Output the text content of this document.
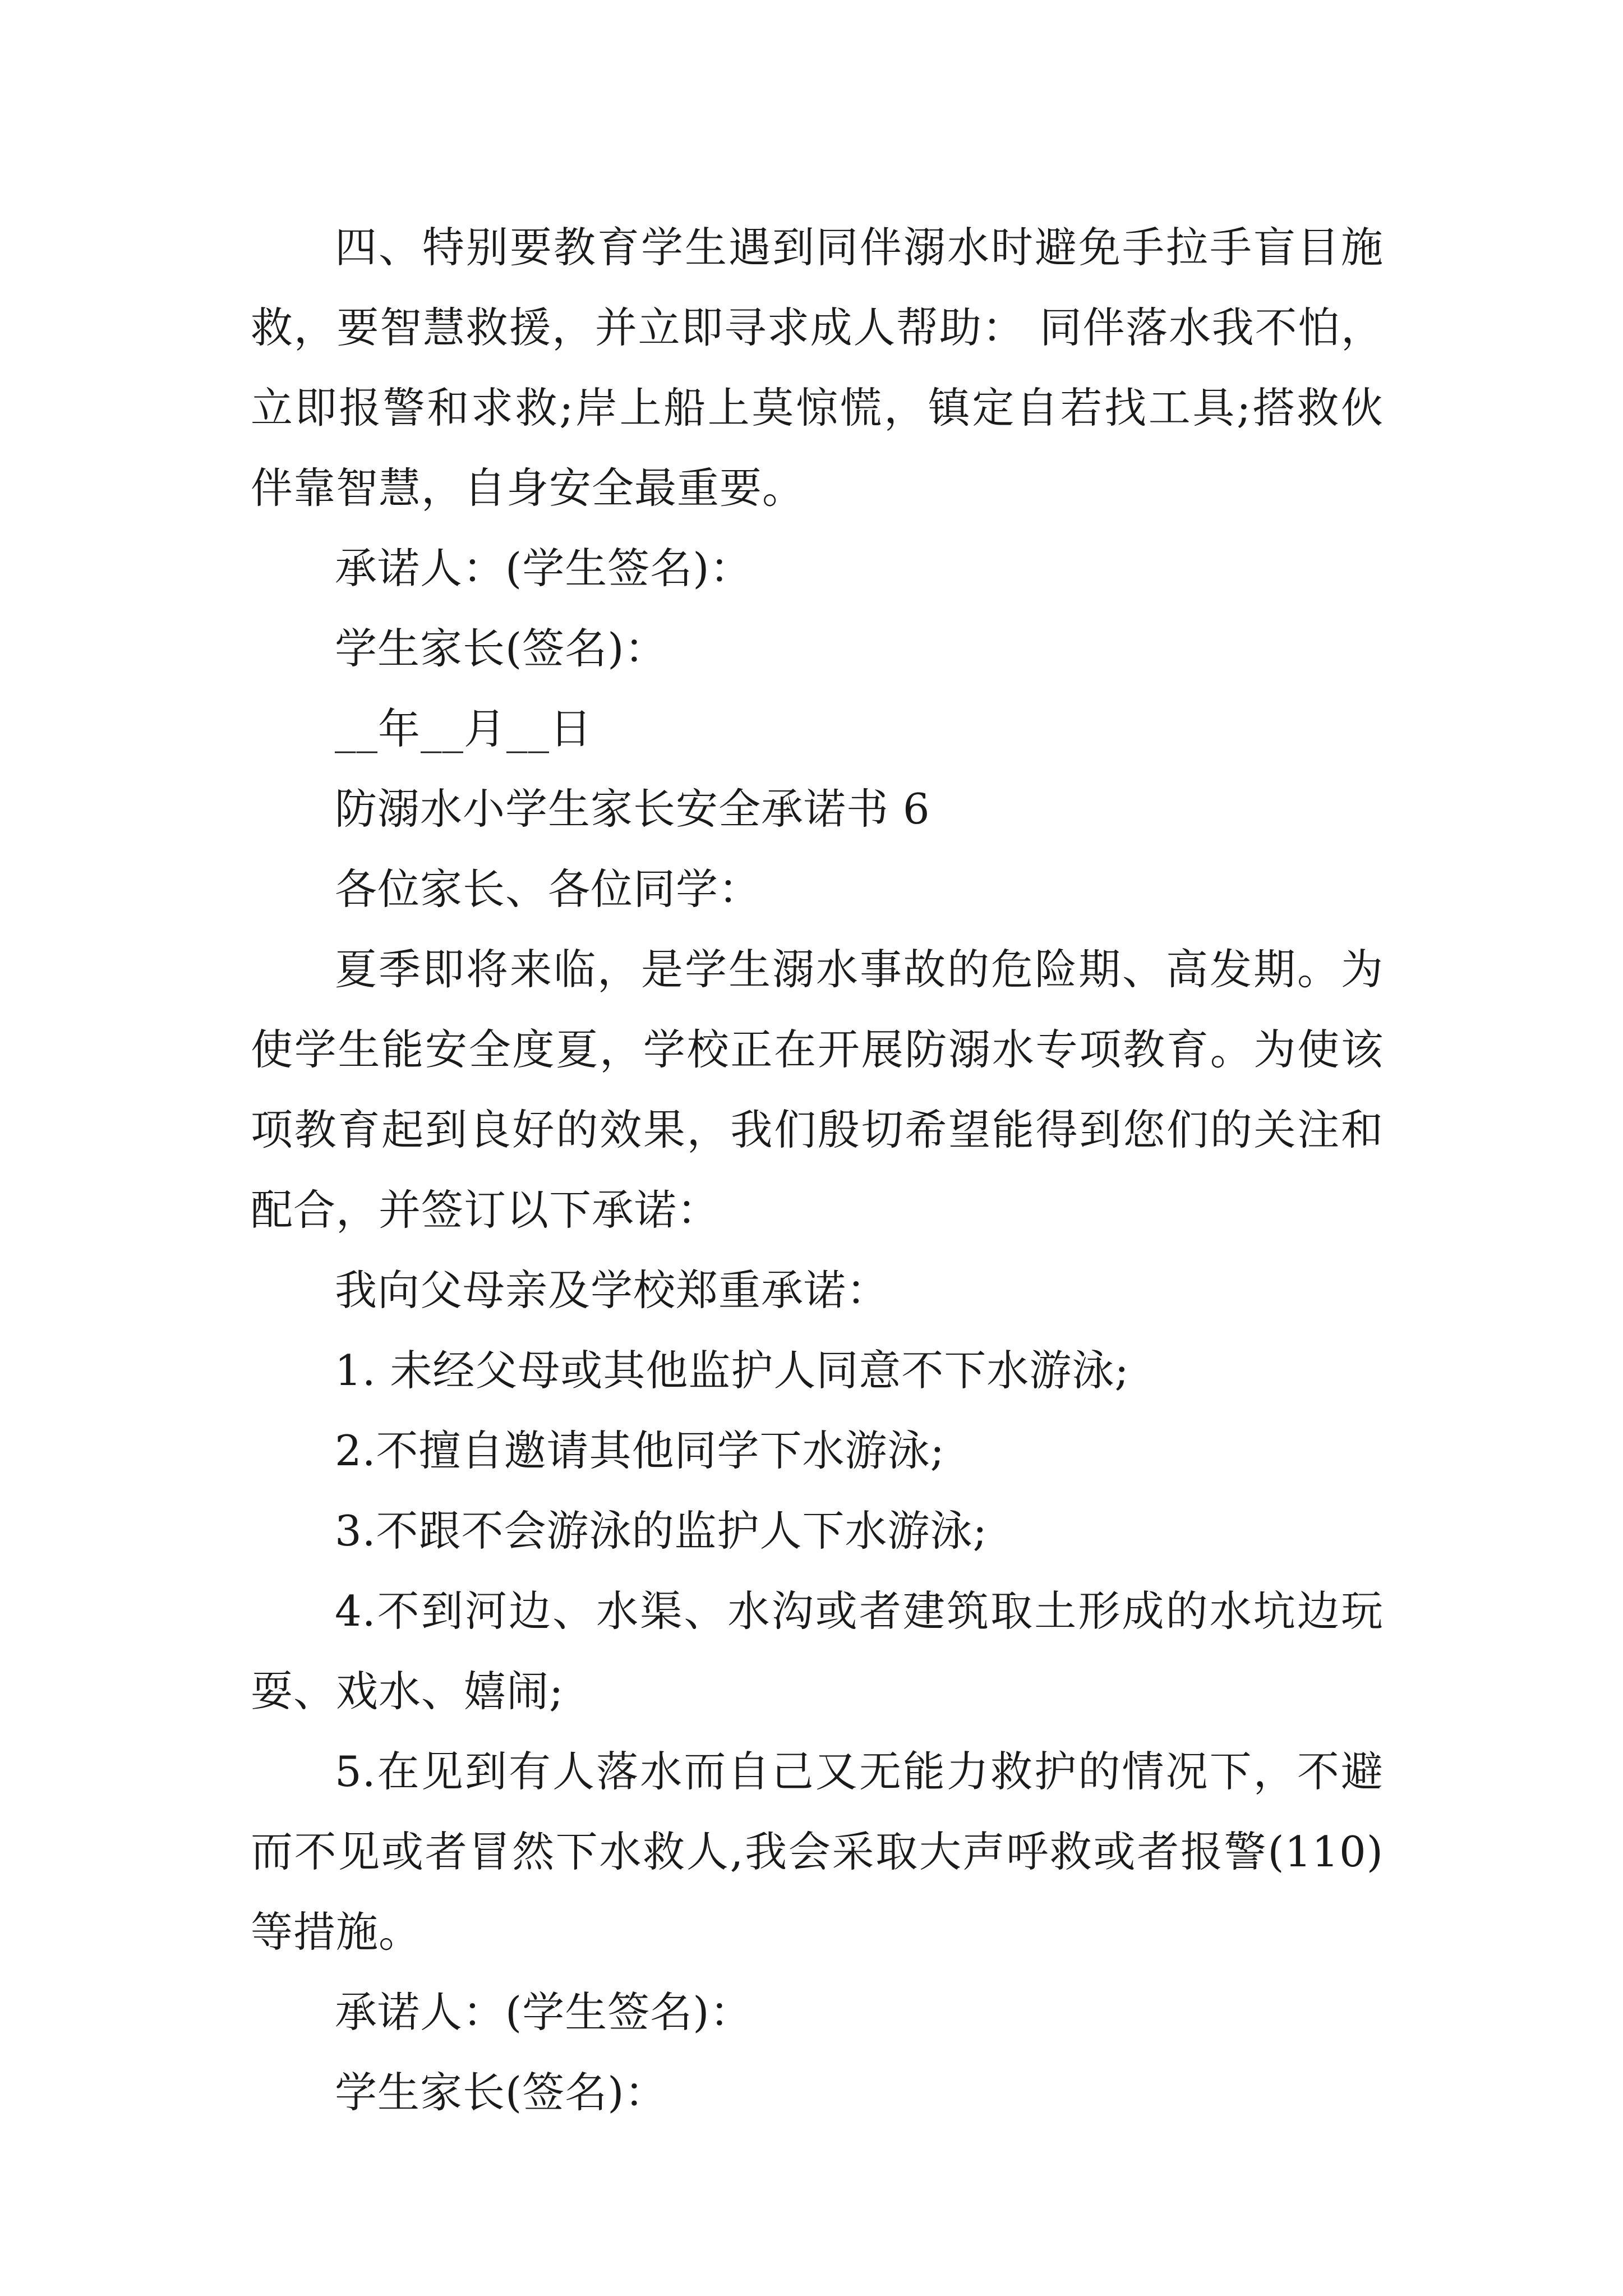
四、特别要教育学生遇到同伴溺水时避免手拉手盲目施救，要智慧救援，并立即寻求成人帮助： 同伴落水我不怕，立即报警和求救;岸上船上莫惊慌，镇定自若找工具;搭救伙伴靠智慧，自身安全最重要。

承诺人：(学生签名)：

学生家长(签名)：

__年__月__日

防溺水小学生家长安全承诺书 6

各位家长、各位同学：

夏季即将来临，是学生溺水事故的危险期、高发期。为使学生能安全度夏，学校正在开展防溺水专项教育。为使该项教育起到良好的效果，我们殷切希望能得到您们的关注和配合，并签订以下承诺：

我向父母亲及学校郑重承诺：

1. 未经父母或其他监护人同意不下水游泳;

2.不擅自邀请其他同学下水游泳;

3.不跟不会游泳的监护人下水游泳;

4.不到河边、水渠、水沟或者建筑取土形成的水坑边玩耍、戏水、嬉闹;

5.在见到有人落水而自己又无能力救护的情况下，不避而不见或者冒然下水救人,我会采取大声呼救或者报警(110)等措施。

承诺人：(学生签名)：

学生家长(签名)：
